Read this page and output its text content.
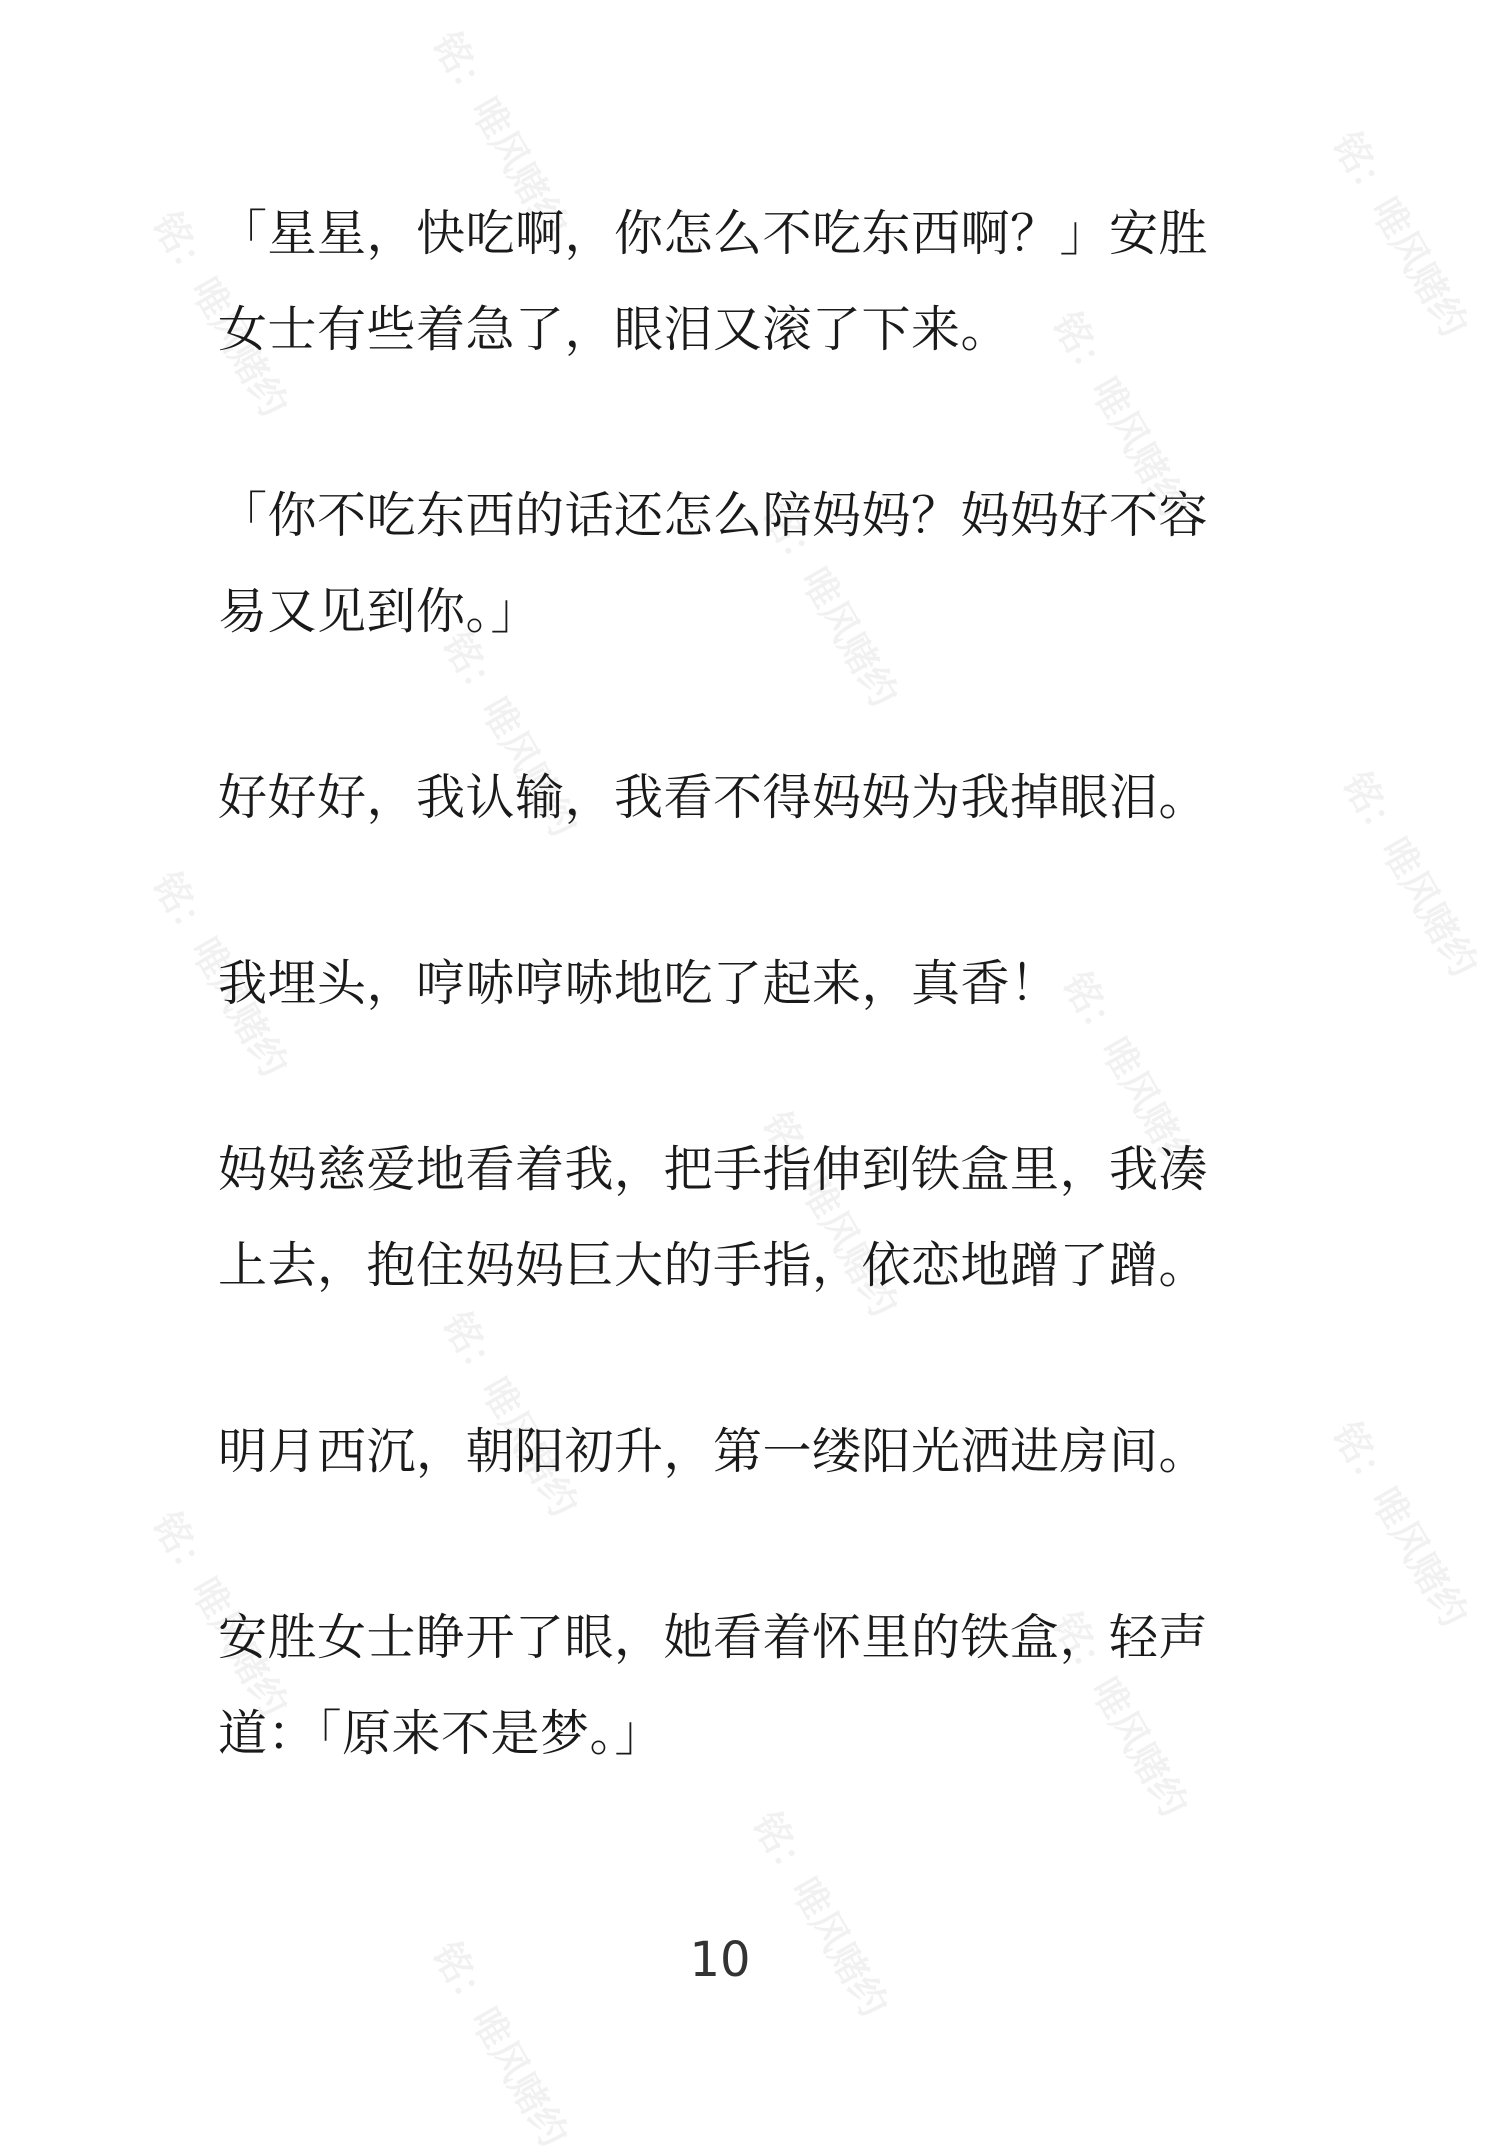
铭：唯风赌约	铭：唯风赌约
铭：唯风赌约	铭：唯风赌约
铭：唯风赌约
铭：唯风赌约
铭：唯风赌约
铭：唯风赌约	铭：唯风赌约
铭：唯风赌约
铭：唯风赌约
铭：唯风赌约
铭：唯风赌约	铭：唯风赌约
铭：唯风赌约
铭：唯风赌约

「星星，快吃啊，你怎么不吃东西啊？」安胜女士有些着急了，眼泪又滚了下来。

「你不吃东西的话还怎么陪妈妈？妈妈好不容易又见到你。」

好好好，我认输，我看不得妈妈为我掉眼泪。

我埋头，哼哧哼哧地吃了起来，真香！

妈妈慈爱地看着我，把手指伸到铁盒里，我凑上去，抱住妈妈巨大的手指，依恋地蹭了蹭。

明月西沉，朝阳初升，第一缕阳光洒进房间。

安胜女士睁开了眼，她看着怀里的铁盒，轻声道：「原来不是梦。」

10
